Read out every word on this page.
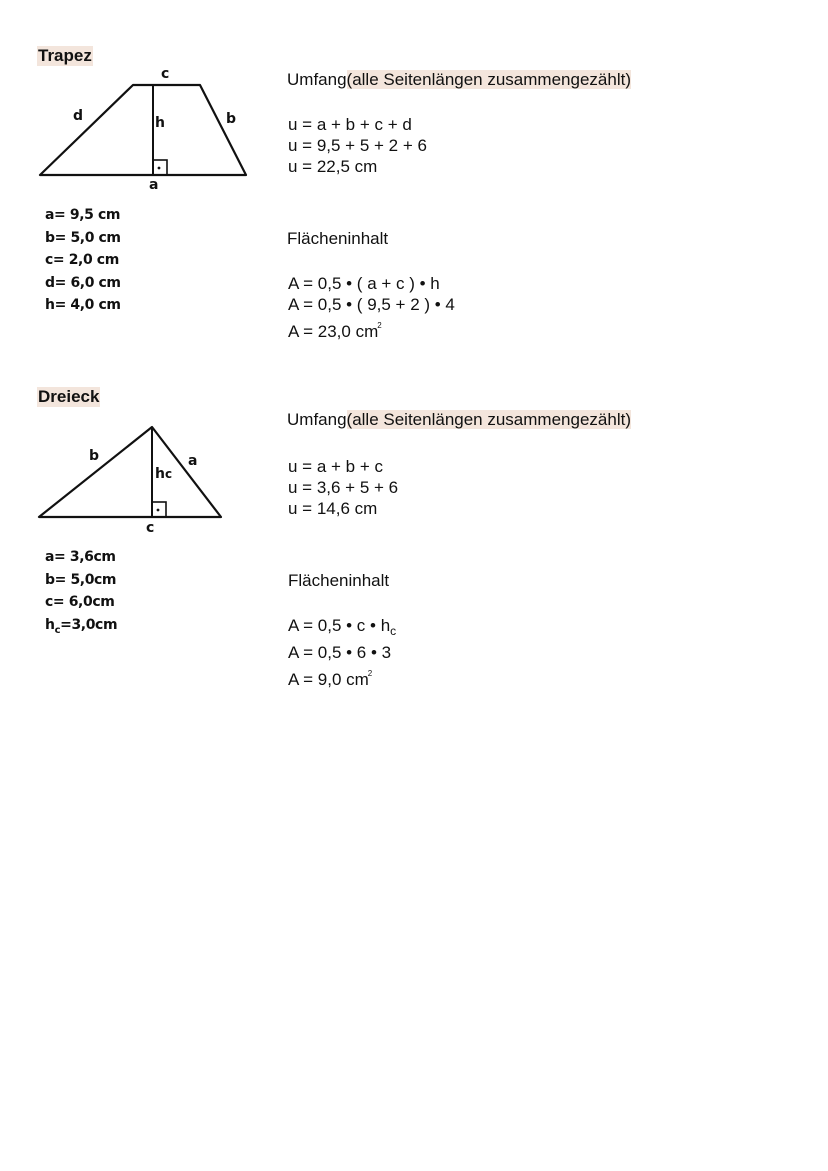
Trapez
c
d	h	b
a
a= 9,5 cm
b= 5,0 cm
c= 2,0 cm
d= 6,0 cm
h= 4,0 cm
Umfang(alle Seitenlängen zusammengezählt)
u = a + b + c + d
u = 9,5 + 5 + 2 + 6
u = 22,5 cm
Flächeninhalt
A = 0,5 • ( a + c ) • h
A = 0,5 • ( 9,5 + 2 ) • 4
A = 23,0 $cm^2$
Dreieck
b
hc
a
c
a= 3,6cm
b= 5,0cm
c= 6,0cm
$h_c=3,0cm$
Umfang(alle Seitenlängen zusammengezählt)
u = a + b + c
u = 3,6 + 5 + 6
u = 14,6 cm
Flächeninhalt
A = 0,5 • c • $h_c$
A = 0,5 • 6 • 3
A = 9,0 $cm^2$
